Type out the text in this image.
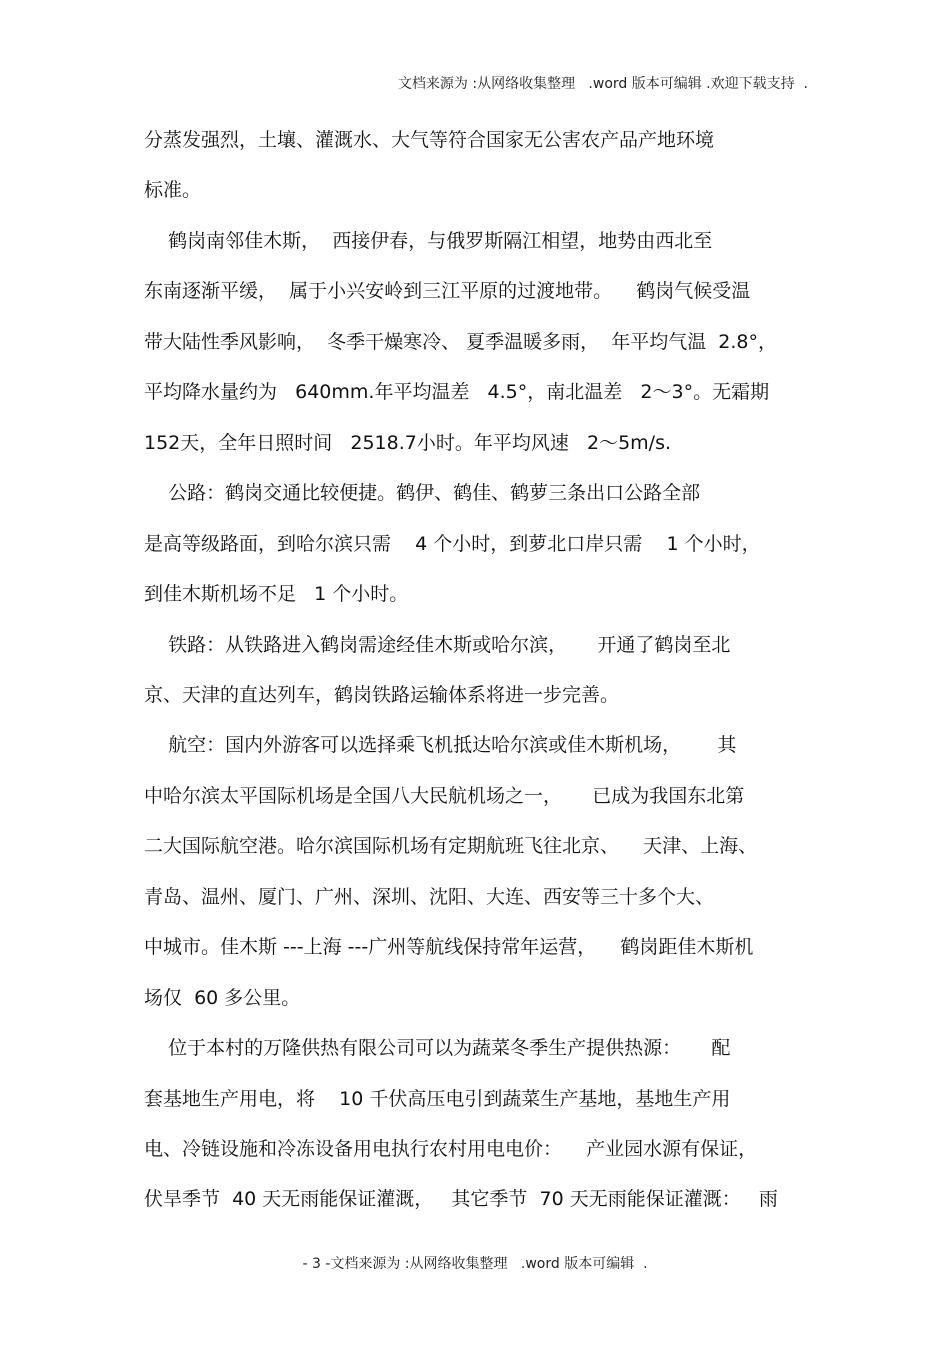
文档来源为 :从网络收集整理   .word 版本可编辑 .欢迎下载支持  .
分蒸发强烈，土壤、灌溉水、大气等符合国家无公害农产品产地环境
标准。
鹤岗南邻佳木斯，  西接伊春，与俄罗斯隔江相望，地势由西北至
东南逐渐平缓，  属于小兴安岭到三江平原的过渡地带。    鹤岗气候受温
带大陆性季风影响，  冬季干燥寒冷、 夏季温暖多雨，  年平均气温  2.8°，
平均降水量约为   640mm.年平均温差   4.5°，南北温差   2～3°。无霜期
152天，全年日照时间   2518.7小时。年平均风速   2～5m/s.
公路：鹤岗交通比较便捷。鹤伊、鹤佳、鹤萝三条出口公路全部
是高等级路面，到哈尔滨只需    4 个小时，到萝北口岸只需    1 个小时，
到佳木斯机场不足   1 个小时。
铁路：从铁路进入鹤岗需途经佳木斯或哈尔滨，     开通了鹤岗至北
京、天津的直达列车，鹤岗铁路运输体系将进一步完善。
航空：国内外游客可以选择乘飞机抵达哈尔滨或佳木斯机场，      其
中哈尔滨太平国际机场是全国八大民航机场之一，     已成为我国东北第
二大国际航空港。哈尔滨国际机场有定期航班飞往北京、    天津、上海、
青岛、温州、厦门、广州、深圳、沈阳、大连、西安等三十多个大、
中城市。佳木斯 ---上海 ---广州等航线保持常年运营，    鹤岗距佳木斯机
场仅  60 多公里。
位于本村的万隆供热有限公司可以为蔬菜冬季生产提供热源：     配
套基地生产用电，将    10 千伏高压电引到蔬菜生产基地，基地生产用
电、冷链设施和冷冻设备用电执行农村用电电价：    产业园水源有保证，
伏旱季节  40 天无雨能保证灌溉，   其它季节  70 天无雨能保证灌溉：   雨
- 3 -文档来源为 :从网络收集整理   .word 版本可编辑  .
